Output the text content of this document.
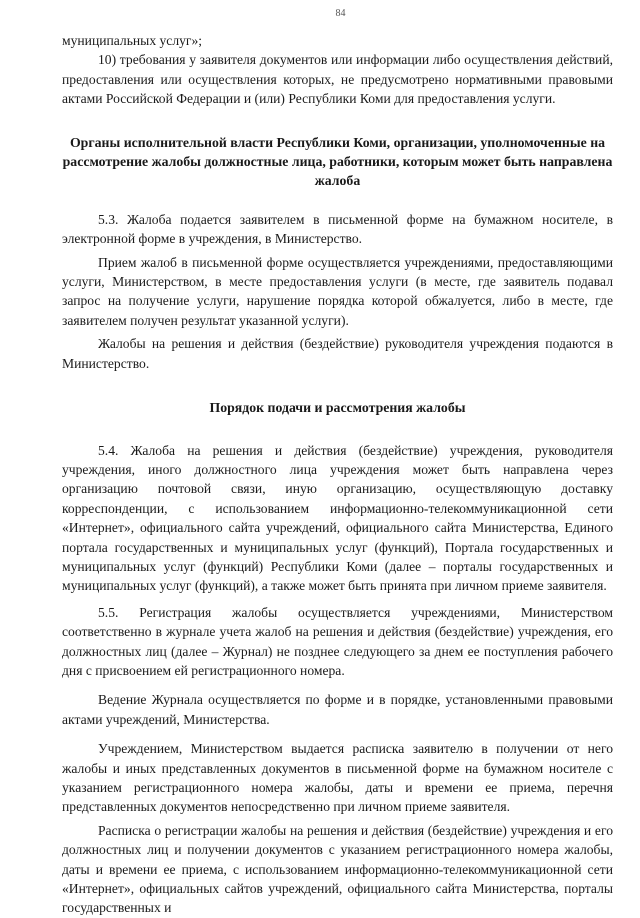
84

муниципальных услуг»;

10) требования у заявителя документов или информации либо осуществления действий, предоставления или осуществления которых, не предусмотрено нормативными правовыми актами Российской Федерации и (или) Республики Коми для предоставления услуги.

Органы исполнительной власти Республики Коми, организации, уполномоченные на рассмотрение жалобы должностные лица, работники, которым может быть направлена жалоба

5.3. Жалоба подается заявителем в письменной форме на бумажном носителе, в электронной форме в учреждения, в Министерство.

Прием жалоб в письменной форме осуществляется учреждениями, предоставляющими услуги, Министерством, в месте предоставления услуги (в месте, где заявитель подавал запрос на получение услуги, нарушение порядка которой обжалуется, либо в месте, где заявителем получен результат указанной услуги).

Жалобы на решения и действия (бездействие) руководителя учреждения подаются в Министерство.

Порядок подачи и рассмотрения жалобы

5.4. Жалоба на решения и действия (бездействие) учреждения, руководителя учреждения, иного должностного лица учреждения может быть направлена через организацию почтовой связи, иную организацию, осуществляющую доставку корреспонденции, с использованием информационно-телекоммуникационной сети «Интернет», официального сайта учреждений, официального сайта Министерства, Единого портала государственных и муниципальных услуг (функций), Портала государственных и муниципальных услуг (функций) Республики Коми (далее – порталы государственных и муниципальных услуг (функций), а также может быть принята при личном приеме заявителя.

5.5. Регистрация жалобы осуществляется учреждениями, Министерством соответственно в журнале учета жалоб на решения и действия (бездействие) учреждения, его должностных лиц (далее – Журнал) не позднее следующего за днем ее поступления рабочего дня с присвоением ей регистрационного номера.

Ведение Журнала осуществляется по форме и в порядке, установленными правовыми актами учреждений, Министерства.

Учреждением, Министерством выдается расписка заявителю в получении от него жалобы и иных представленных документов в письменной форме на бумажном носителе с указанием регистрационного номера жалобы, даты и времени ее приема, перечня представленных документов непосредственно при личном приеме заявителя.

Расписка о регистрации жалобы на решения и действия (бездействие) учреждения и его должностных лиц и получении документов с указанием регистрационного номера жалобы, даты и времени ее приема, с использованием информационно-телекоммуникационной сети «Интернет», официальных сайтов учреждений, официального сайта Министерства, порталы государственных и
